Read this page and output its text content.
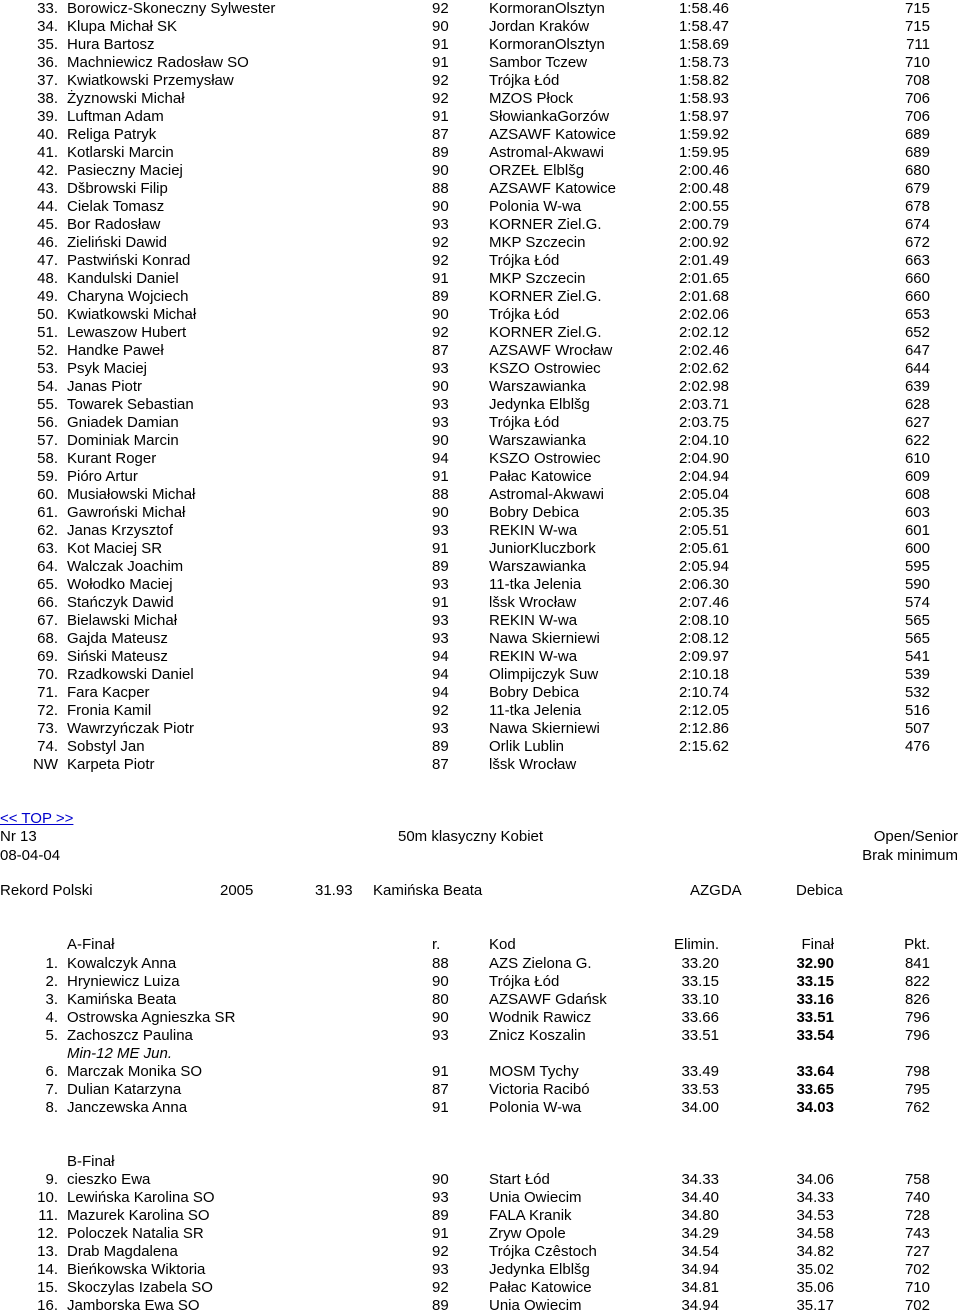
33. Borowicz-Skoneczny Sylwester	92	KormoranOlsztyn	1:58.46	715
34. Klupa Michał SK	90	Jordan Kraków	1:58.47	715
35. Hura Bartosz	91	KormoranOlsztyn	1:58.69	711
36. Machniewicz Radosław SO	91	Sambor Tczew	1:58.73	710
37. Kwiatkowski Przemysław	92	Trójka Łód	1:58.82	708
38. Żyznowski Michał	92	MZOS Płock	1:58.93	706
39. Luftman Adam	91	SłowiankaGorzów	1:58.97	706
40. Religa Patryk	87	AZSAWF Katowice	1:59.92	689
41. Kotlarski Marcin	89	Astromal-Akwawi	1:59.95	689
42. Pasieczny Maciej	90	ORZEŁ Elblšg	2:00.46	680
43. Dšbrowski Filip	88	AZSAWF Katowice	2:00.48	679
44. Cielak Tomasz	90	Polonia W-wa	2:00.55	678
45. Bor Radosław	93	KORNER Ziel.G.	2:00.79	674
46. Zieliński Dawid	92	MKP Szczecin	2:00.92	672
47. Pastwiński Konrad	92	Trójka Łód	2:01.49	663
48. Kandulski Daniel	91	MKP Szczecin	2:01.65	660
49. Charyna Wojciech	89	KORNER Ziel.G.	2:01.68	660
50. Kwiatkowski Michał	90	Trójka Łód	2:02.06	653
51. Lewaszow Hubert	92	KORNER Ziel.G.	2:02.12	652
52. Handke Paweł	87	AZSAWF Wrocław	2:02.46	647
53. Psyk Maciej	93	KSZO Ostrowiec	2:02.62	644
54. Janas Piotr	90	Warszawianka	2:02.98	639
55. Towarek Sebastian	93	Jedynka Elblšg	2:03.71	628
56. Gniadek Damian	93	Trójka Łód	2:03.75	627
57. Dominiak Marcin	90	Warszawianka	2:04.10	622
58. Kurant Roger	94	KSZO Ostrowiec	2:04.90	610
59. Pióro Artur	91	Pałac Katowice	2:04.94	609
60. Musiałowski Michał	88	Astromal-Akwawi	2:05.04	608
61. Gawroński Michał	90	Bobry Debica	2:05.35	603
62. Janas Krzysztof	93	REKIN W-wa	2:05.51	601
63. Kot Maciej SR	91	JuniorKluczbork	2:05.61	600
64. Walczak Joachim	89	Warszawianka	2:05.94	595
65. Wołodko Maciej	93	11-tka Jelenia	2:06.30	590
66. Stańczyk Dawid	91	lšsk Wrocław	2:07.46	574
67. Bielawski Michał	93	REKIN W-wa	2:08.10	565
68. Gajda Mateusz	93	Nawa Skierniewi	2:08.12	565
69. Siński Mateusz	94	REKIN W-wa	2:09.97	541
70. Rzadkowski Daniel	94	Olimpijczyk Suw	2:10.18	539
71. Fara Kacper	94	Bobry Debica	2:10.74	532
72. Fronia Kamil	92	11-tka Jelenia	2:12.05	516
73. Wawrzyńczak Piotr	93	Nawa Skierniewi	2:12.86	507
74. Sobstyl Jan	89	Orlik Lublin	2:15.62	476
NW Karpeta Piotr	87	lšsk Wrocław
<< TOP >>
Nr 13	50m klasyczny Kobiet	Open/Senior
08-04-04	Brak minimum
Rekord Polski	2005	31.93 Kamińska Beata	AZGDA	Debica
A-Finał	r.	Kod	Elimin.	Finał	Pkt.
1. Kowalczyk Anna	88	AZS Zielona G.	33.20	32.90	841
2. Hryniewicz Luiza	90	Trójka Łód	33.15	33.15	822
3. Kamińska Beata	80	AZSAWF Gdańsk	33.10	33.16	826
4. Ostrowska Agnieszka SR	90	Wodnik Rawicz	33.66	33.51	796
5. Zachoszcz Paulina	93	Znicz Koszalin	33.51	33.54	796
Min-12 ME Jun.
6. Marczak Monika SO	91	MOSM Tychy	33.49	33.64	798
7. Dulian Katarzyna	87	Victoria Racibó	33.53	33.65	795
8. Janczewska Anna	91	Polonia W-wa	34.00	34.03	762
B-Finał
9. cieszko Ewa	90	Start Łód	34.33	34.06	758
10. Lewińska Karolina SO	93	Unia Owiecim	34.40	34.33	740
11. Mazurek Karolina SO	89	FALA Kranik	34.80	34.53	728
12. Poloczek Natalia SR	91	Zryw Opole	34.29	34.58	743
13. Drab Magdalena	92	Trójka Czêstoch	34.54	34.82	727
14. Bieńkowska Wiktoria	93	Jedynka Elblšg	34.94	35.02	702
15. Skoczylas Izabela SO	92	Pałac Katowice	34.81	35.06	710
16. Jamborska Ewa SO	89	Unia Owiecim	34.94	35.17	702
